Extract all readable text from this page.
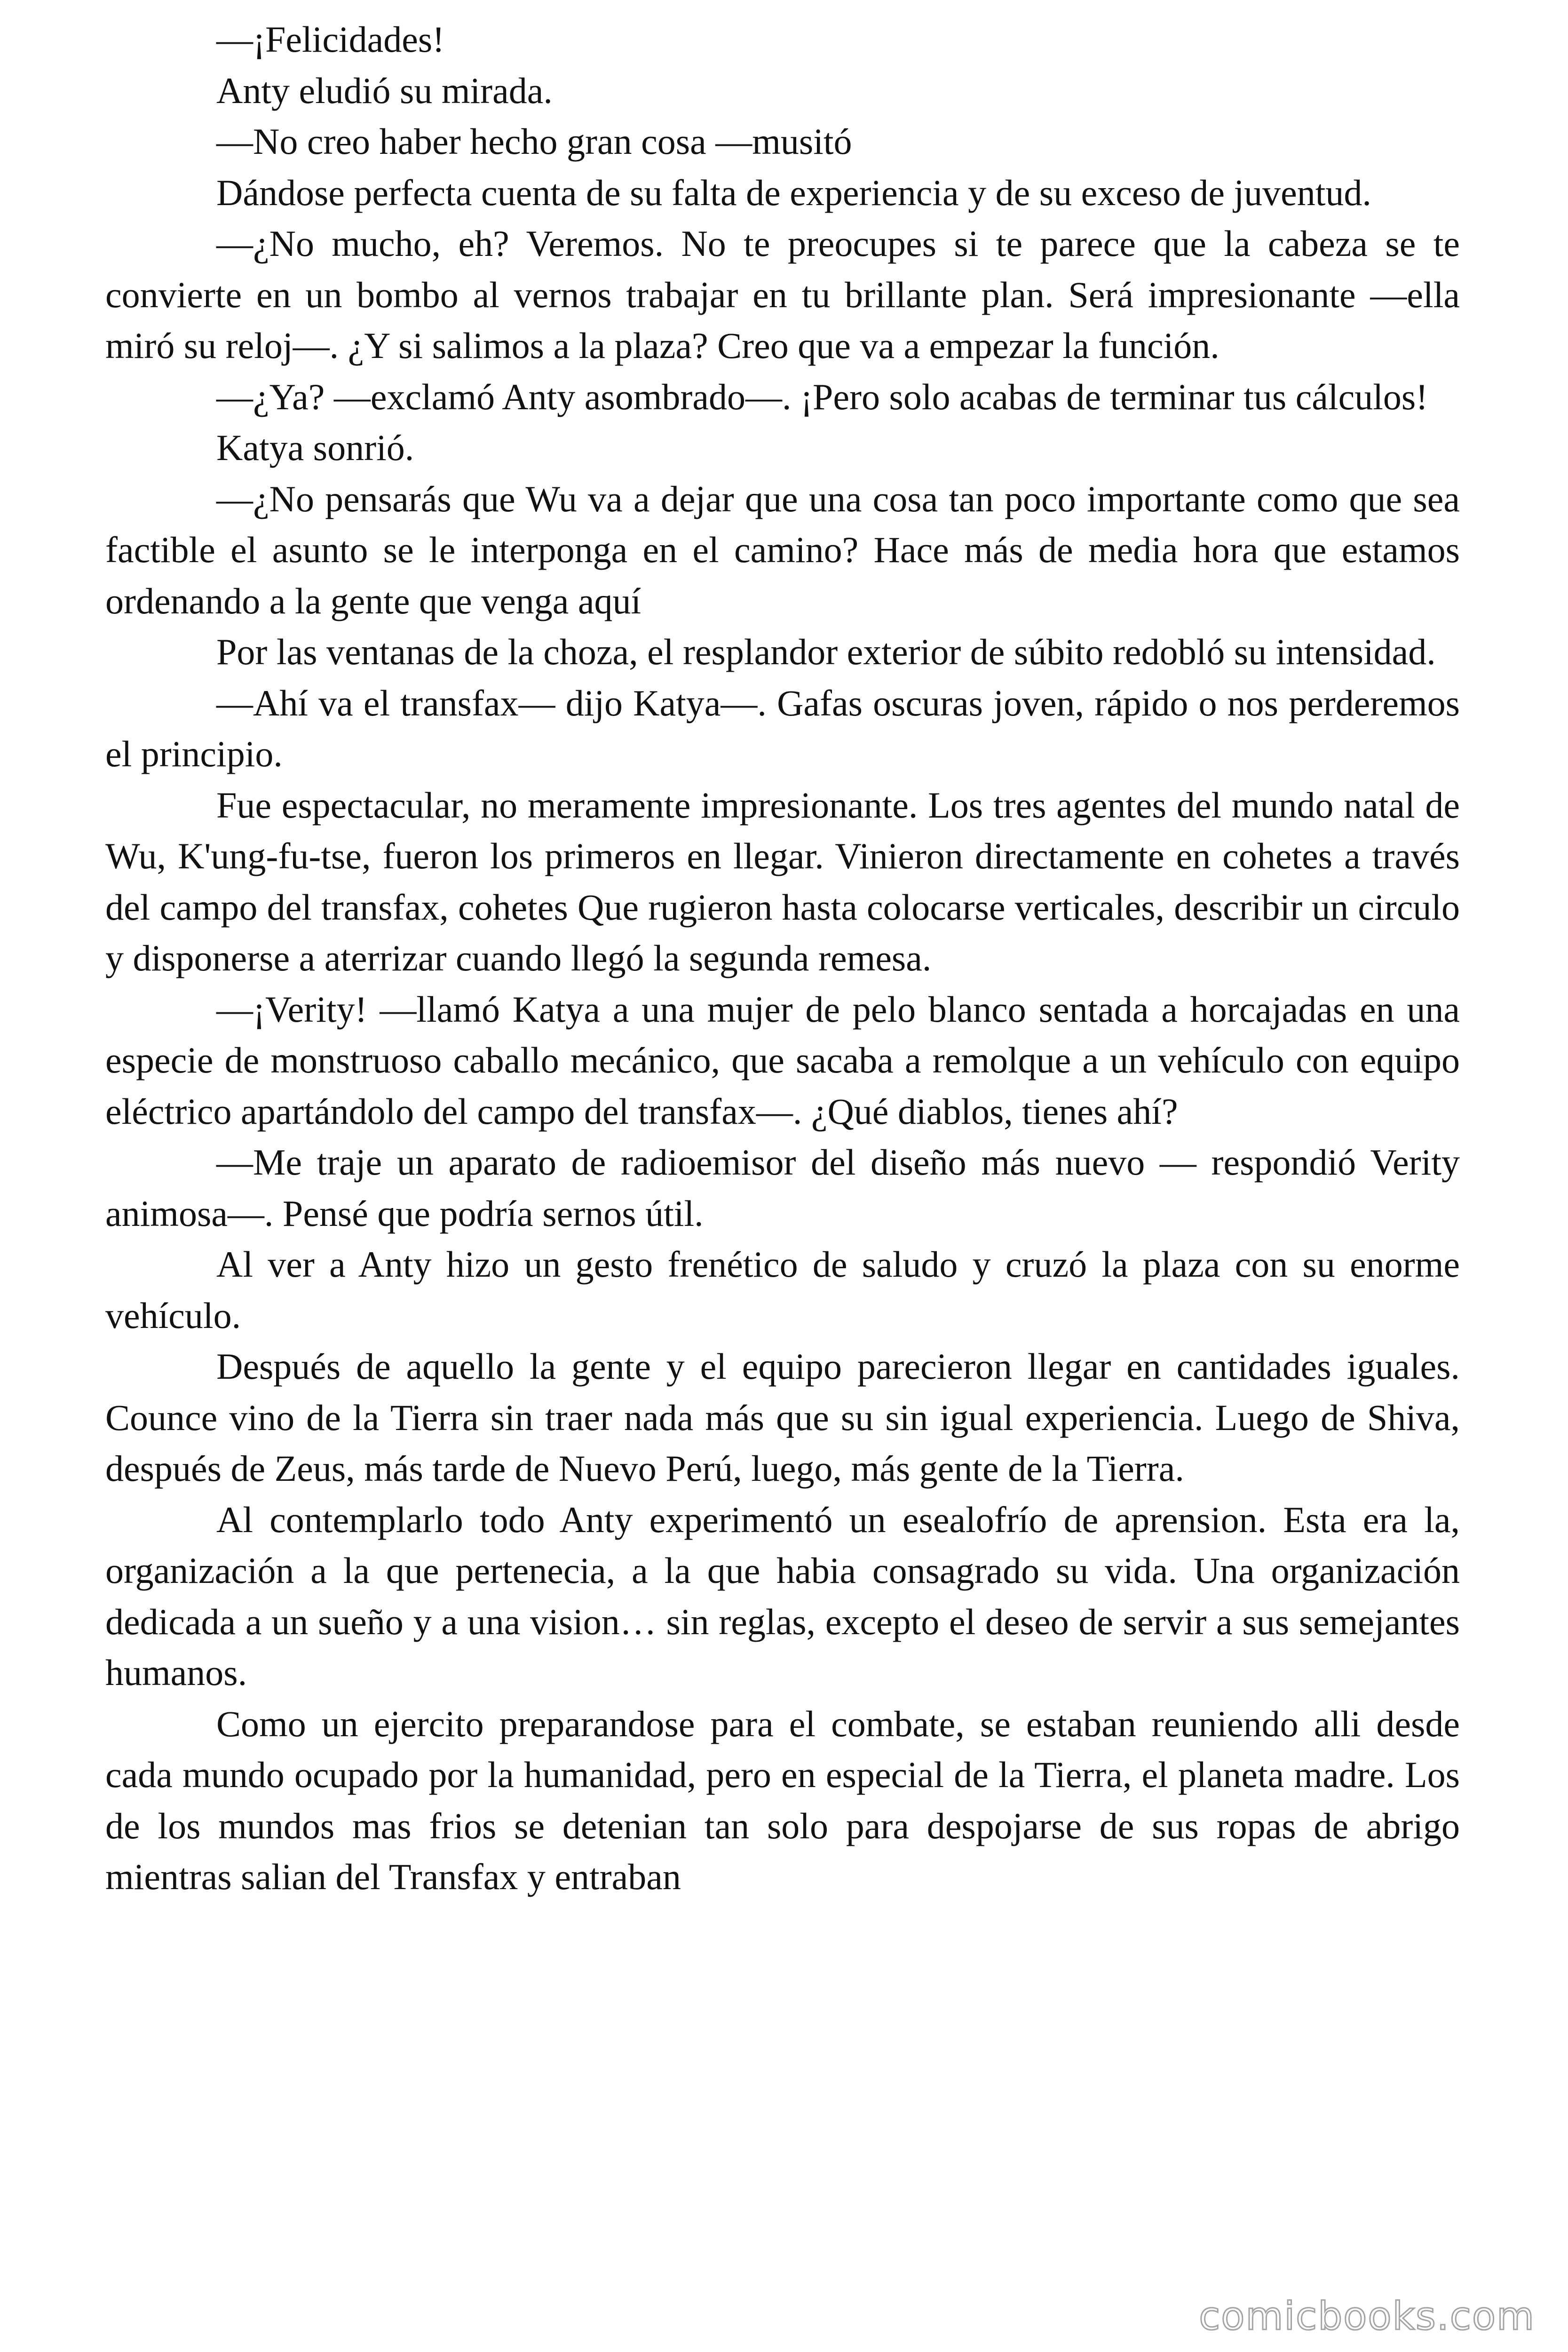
—¡Felicidades!

Anty eludió su mirada.

—No creo haber hecho gran cosa —musitó

Dándose perfecta cuenta de su falta de experiencia y de su exceso de juventud.

—¿No mucho, eh? Veremos. No te preocupes si te parece que la cabeza se te convierte en un bombo al vernos trabajar en tu brillante plan. Será impresionante —ella miró su reloj—. ¿Y si salimos a la plaza? Creo que va a empezar la función.

—¿Ya? —exclamó Anty asombrado—. ¡Pero solo acabas de terminar tus cálculos!

Katya sonrió.

—¿No pensarás que Wu va a dejar que una cosa tan poco importante como que sea factible el asunto se le interponga en el camino? Hace más de media hora que estamos ordenando a la gente que venga aquí

Por las ventanas de la choza, el resplandor exterior de súbito redobló su intensidad.

—Ahí va el transfax— dijo Katya—. Gafas oscuras joven, rápido o nos perderemos el principio.

Fue espectacular, no meramente impresionante. Los tres agentes del mundo natal de Wu, K'ung-fu-tse, fueron los primeros en llegar. Vinieron directamente en cohetes a través del campo del transfax, cohetes Que rugieron hasta colocarse verticales, describir un circulo y disponerse a aterrizar cuando llegó la segunda remesa.

—¡Verity! —llamó Katya a una mujer de pelo blanco sentada a horcajadas en una especie de monstruoso caballo mecánico, que sacaba a remolque a un vehículo con equipo eléctrico apartándolo del campo del transfax—. ¿Qué diablos, tienes ahí?

—Me traje un aparato de radioemisor del diseño más nuevo — respondió Verity animosa—. Pensé que podría sernos útil.

Al ver a Anty hizo un gesto frenético de saludo y cruzó la plaza con su enorme vehículo.

Después de aquello la gente y el equipo parecieron llegar en cantidades iguales. Counce vino de la Tierra sin traer nada más que su sin igual experiencia. Luego de Shiva, después de Zeus, más tarde de Nuevo Perú, luego, más gente de la Tierra.

Al contemplarlo todo Anty experimentó un esealofrío de aprension. Esta era la, organización a la que pertenecia, a la que habia consagrado su vida. Una organización dedicada a un sueño y a una vision… sin reglas, excepto el deseo de servir a sus semejantes humanos.

Como un ejercito preparandose para el combate, se estaban reuniendo alli desde cada mundo ocupado por la humanidad, pero en especial de la Tierra, el planeta madre. Los de los mundos mas frios se detenian tan solo para despojarse de sus ropas de abrigo mientras salian del Transfax y entraban

comicbooks.com
